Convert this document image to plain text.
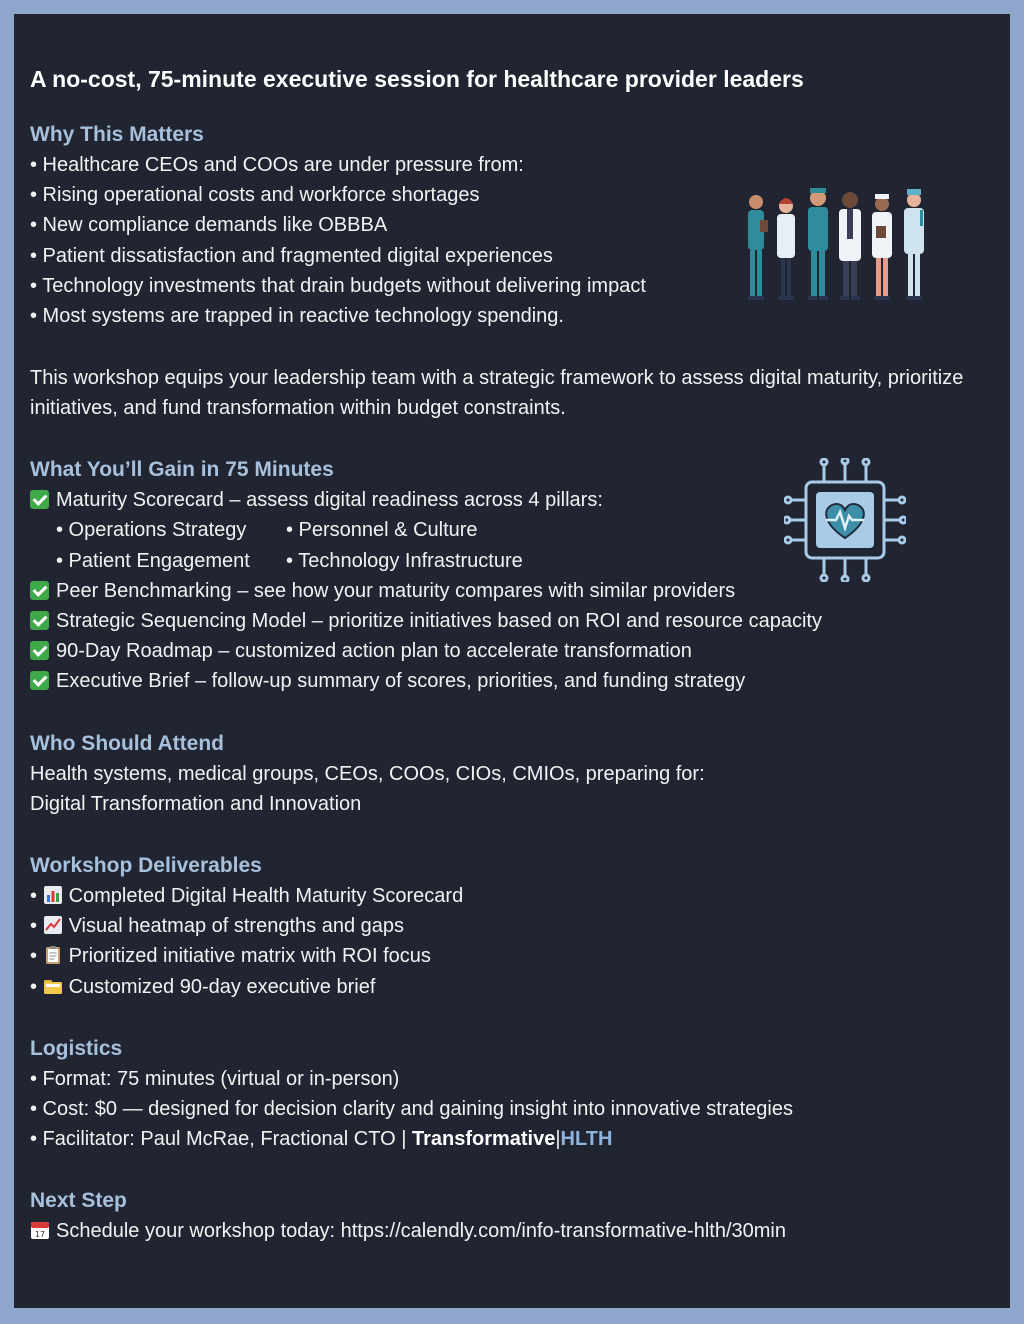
A no-cost, 75-minute executive session for healthcare provider leaders
Why This Matters
• Healthcare CEOs and COOs are under pressure from:
• Rising operational costs and workforce shortages
• New compliance demands like OBBBA
• Patient dissatisfaction and fragmented digital experiences
• Technology investments that drain budgets without delivering impact
• Most systems are trapped in reactive technology spending.
This workshop equips your leadership team with a strategic framework to assess digital maturity, prioritize initiatives, and fund transformation within budget constraints.
What You’ll Gain in 75 Minutes
Maturity Scorecard – assess digital readiness across 4 pillars:
• Operations Strategy • Personnel & Culture
• Patient Engagement • Technology Infrastructure
Peer Benchmarking – see how your maturity compares with similar providers
Strategic Sequencing Model – prioritize initiatives based on ROI and resource capacity
90-Day Roadmap – customized action plan to accelerate transformation
Executive Brief – follow-up summary of scores, priorities, and funding strategy
Who Should Attend
Health systems, medical groups, CEOs, COOs, CIOs, CMIOs, preparing for:
Digital Transformation and Innovation
Workshop Deliverables
• Completed Digital Health Maturity Scorecard
• Visual heatmap of strengths and gaps
• Prioritized initiative matrix with ROI focus
• Customized 90-day executive brief
Logistics
• Format: 75 minutes (virtual or in-person)
• Cost: $0 — designed for decision clarity and gaining insight into innovative strategies
• Facilitator: Paul McRae, Fractional CTO | Transformative|HLTH
Next Step
17 Schedule your workshop today: https://calendly.com/info-transformative-hlth/30min
